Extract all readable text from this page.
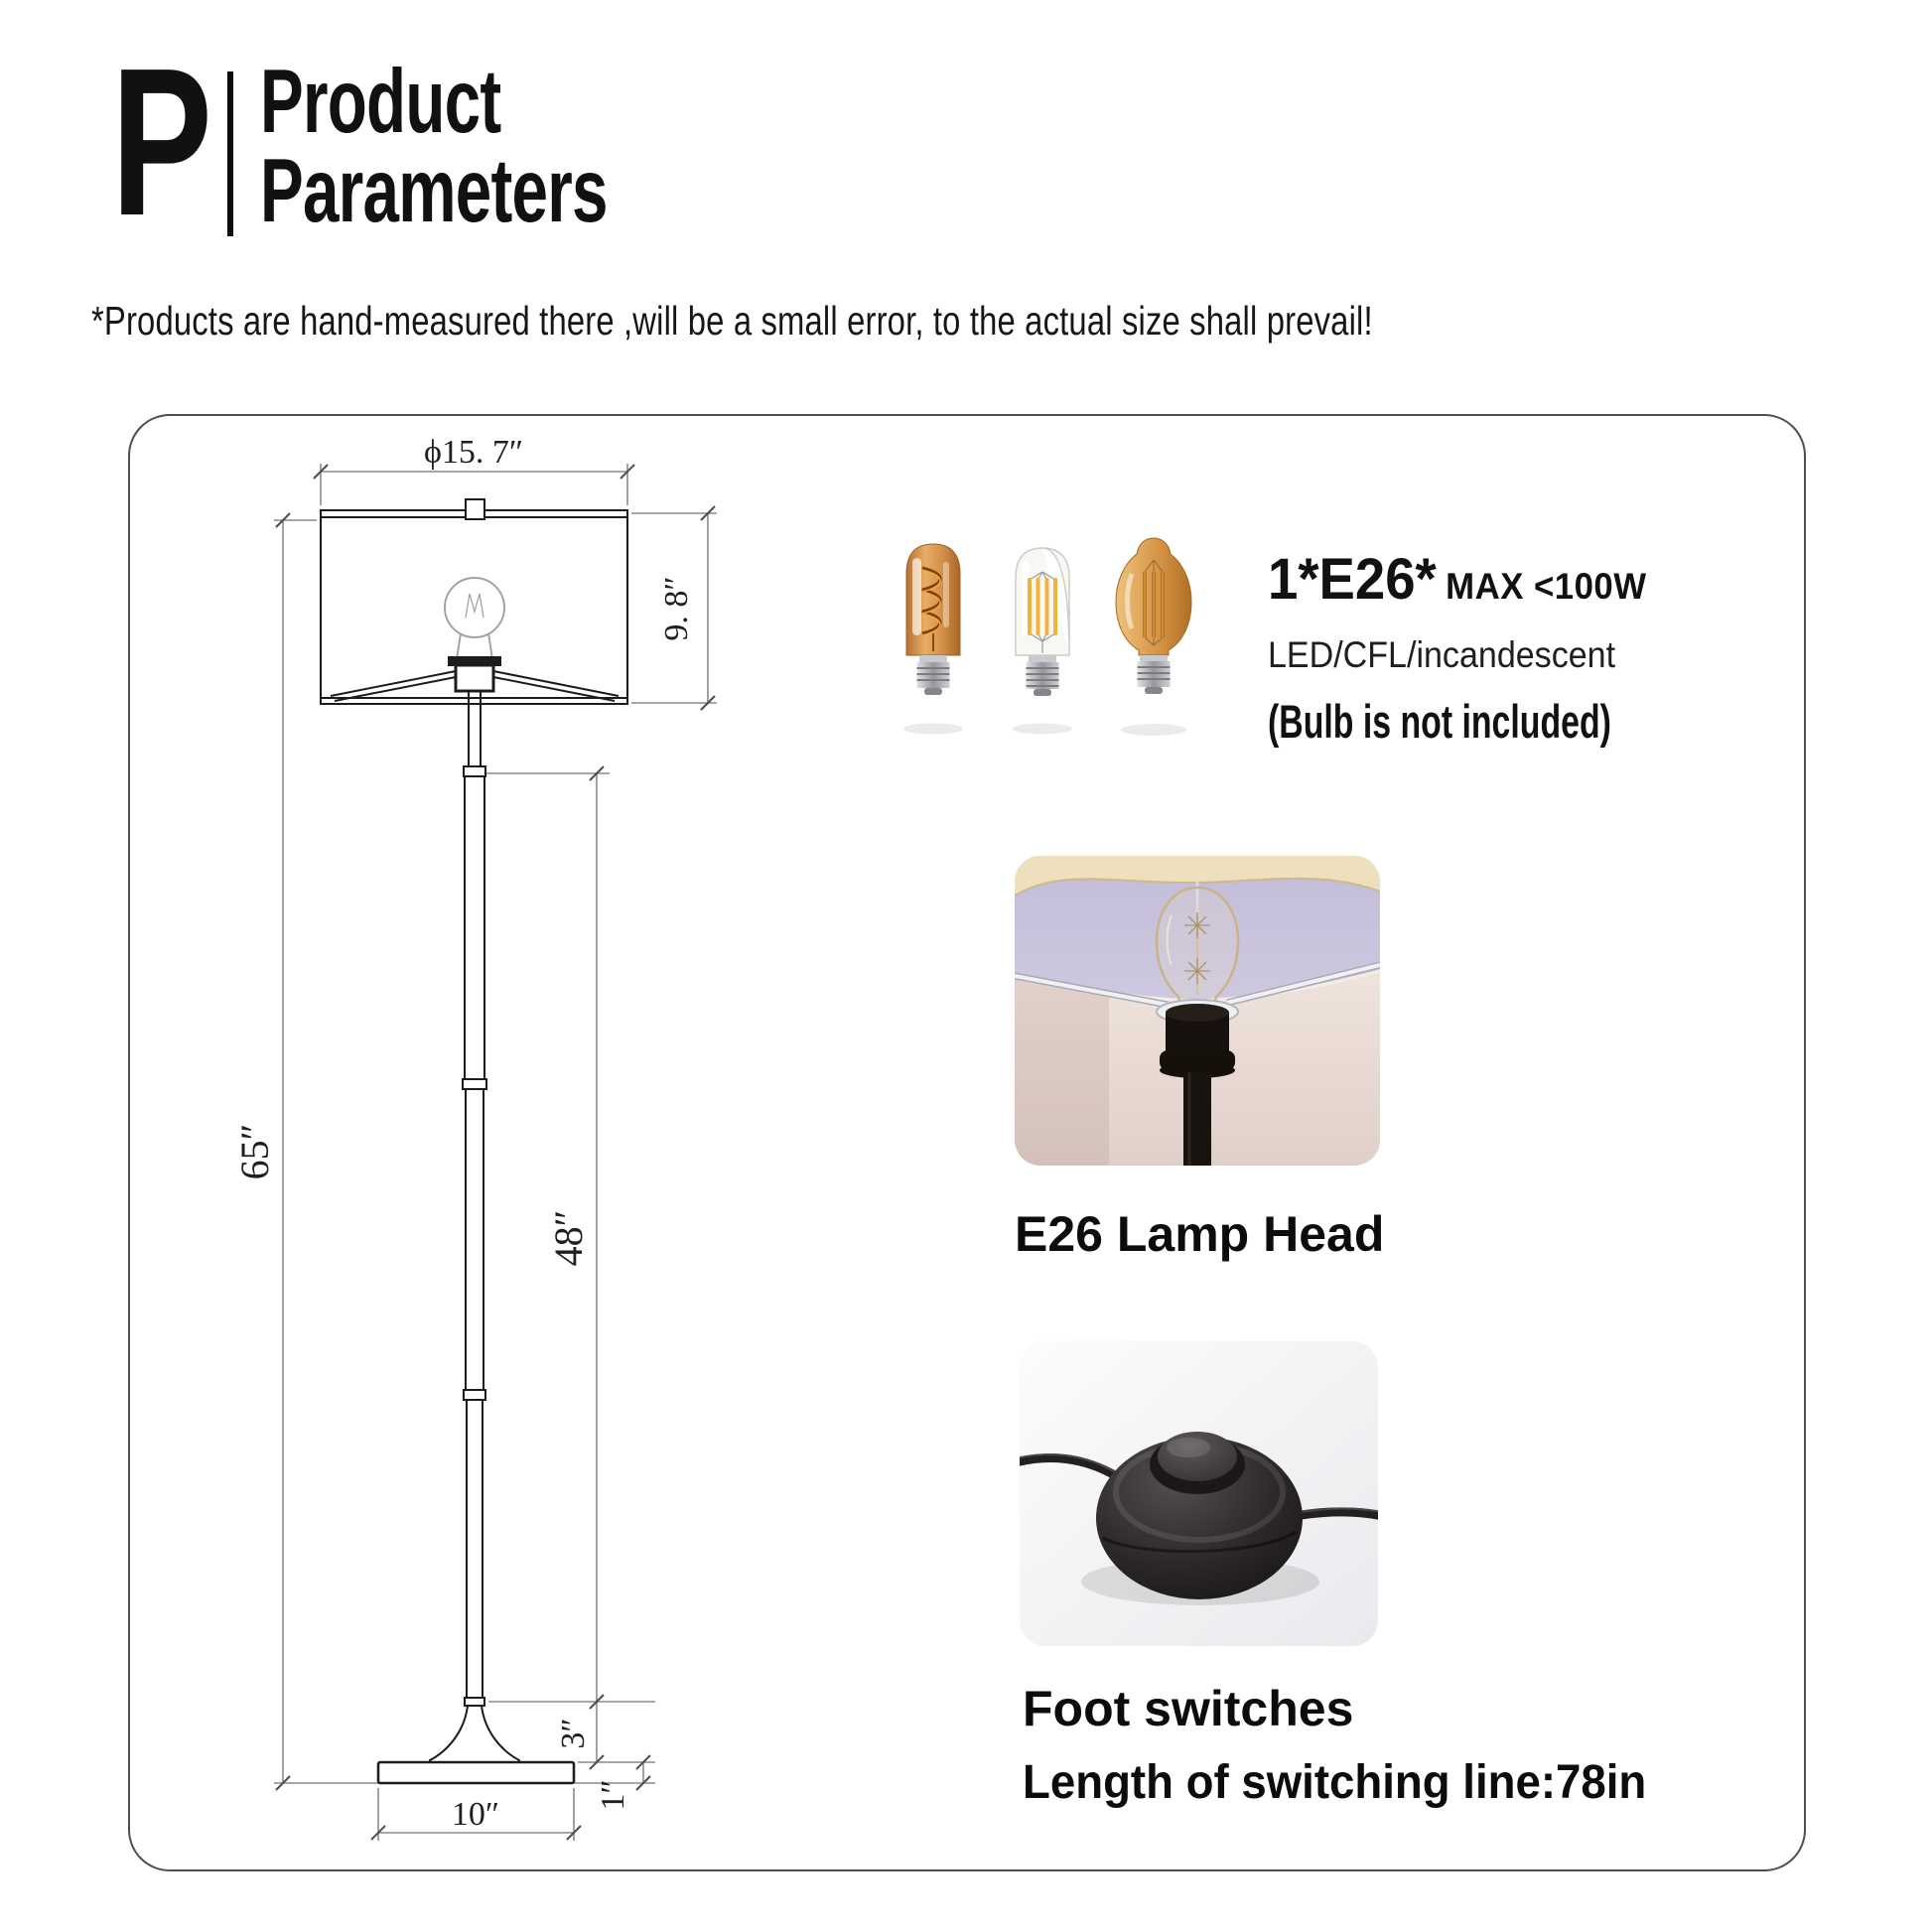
P Product
Parameters
*Products are hand-measured there ,will be a small error, to the actual size shall prevail!
ϕ15. 7″
9. 8″
65″
48″
3″
1″
10″
1*E26* MAX <100W
LED/CFL/incandescent
(Bulb is not included)
E26 Lamp Head
Foot switches
Length of switching line:78in
